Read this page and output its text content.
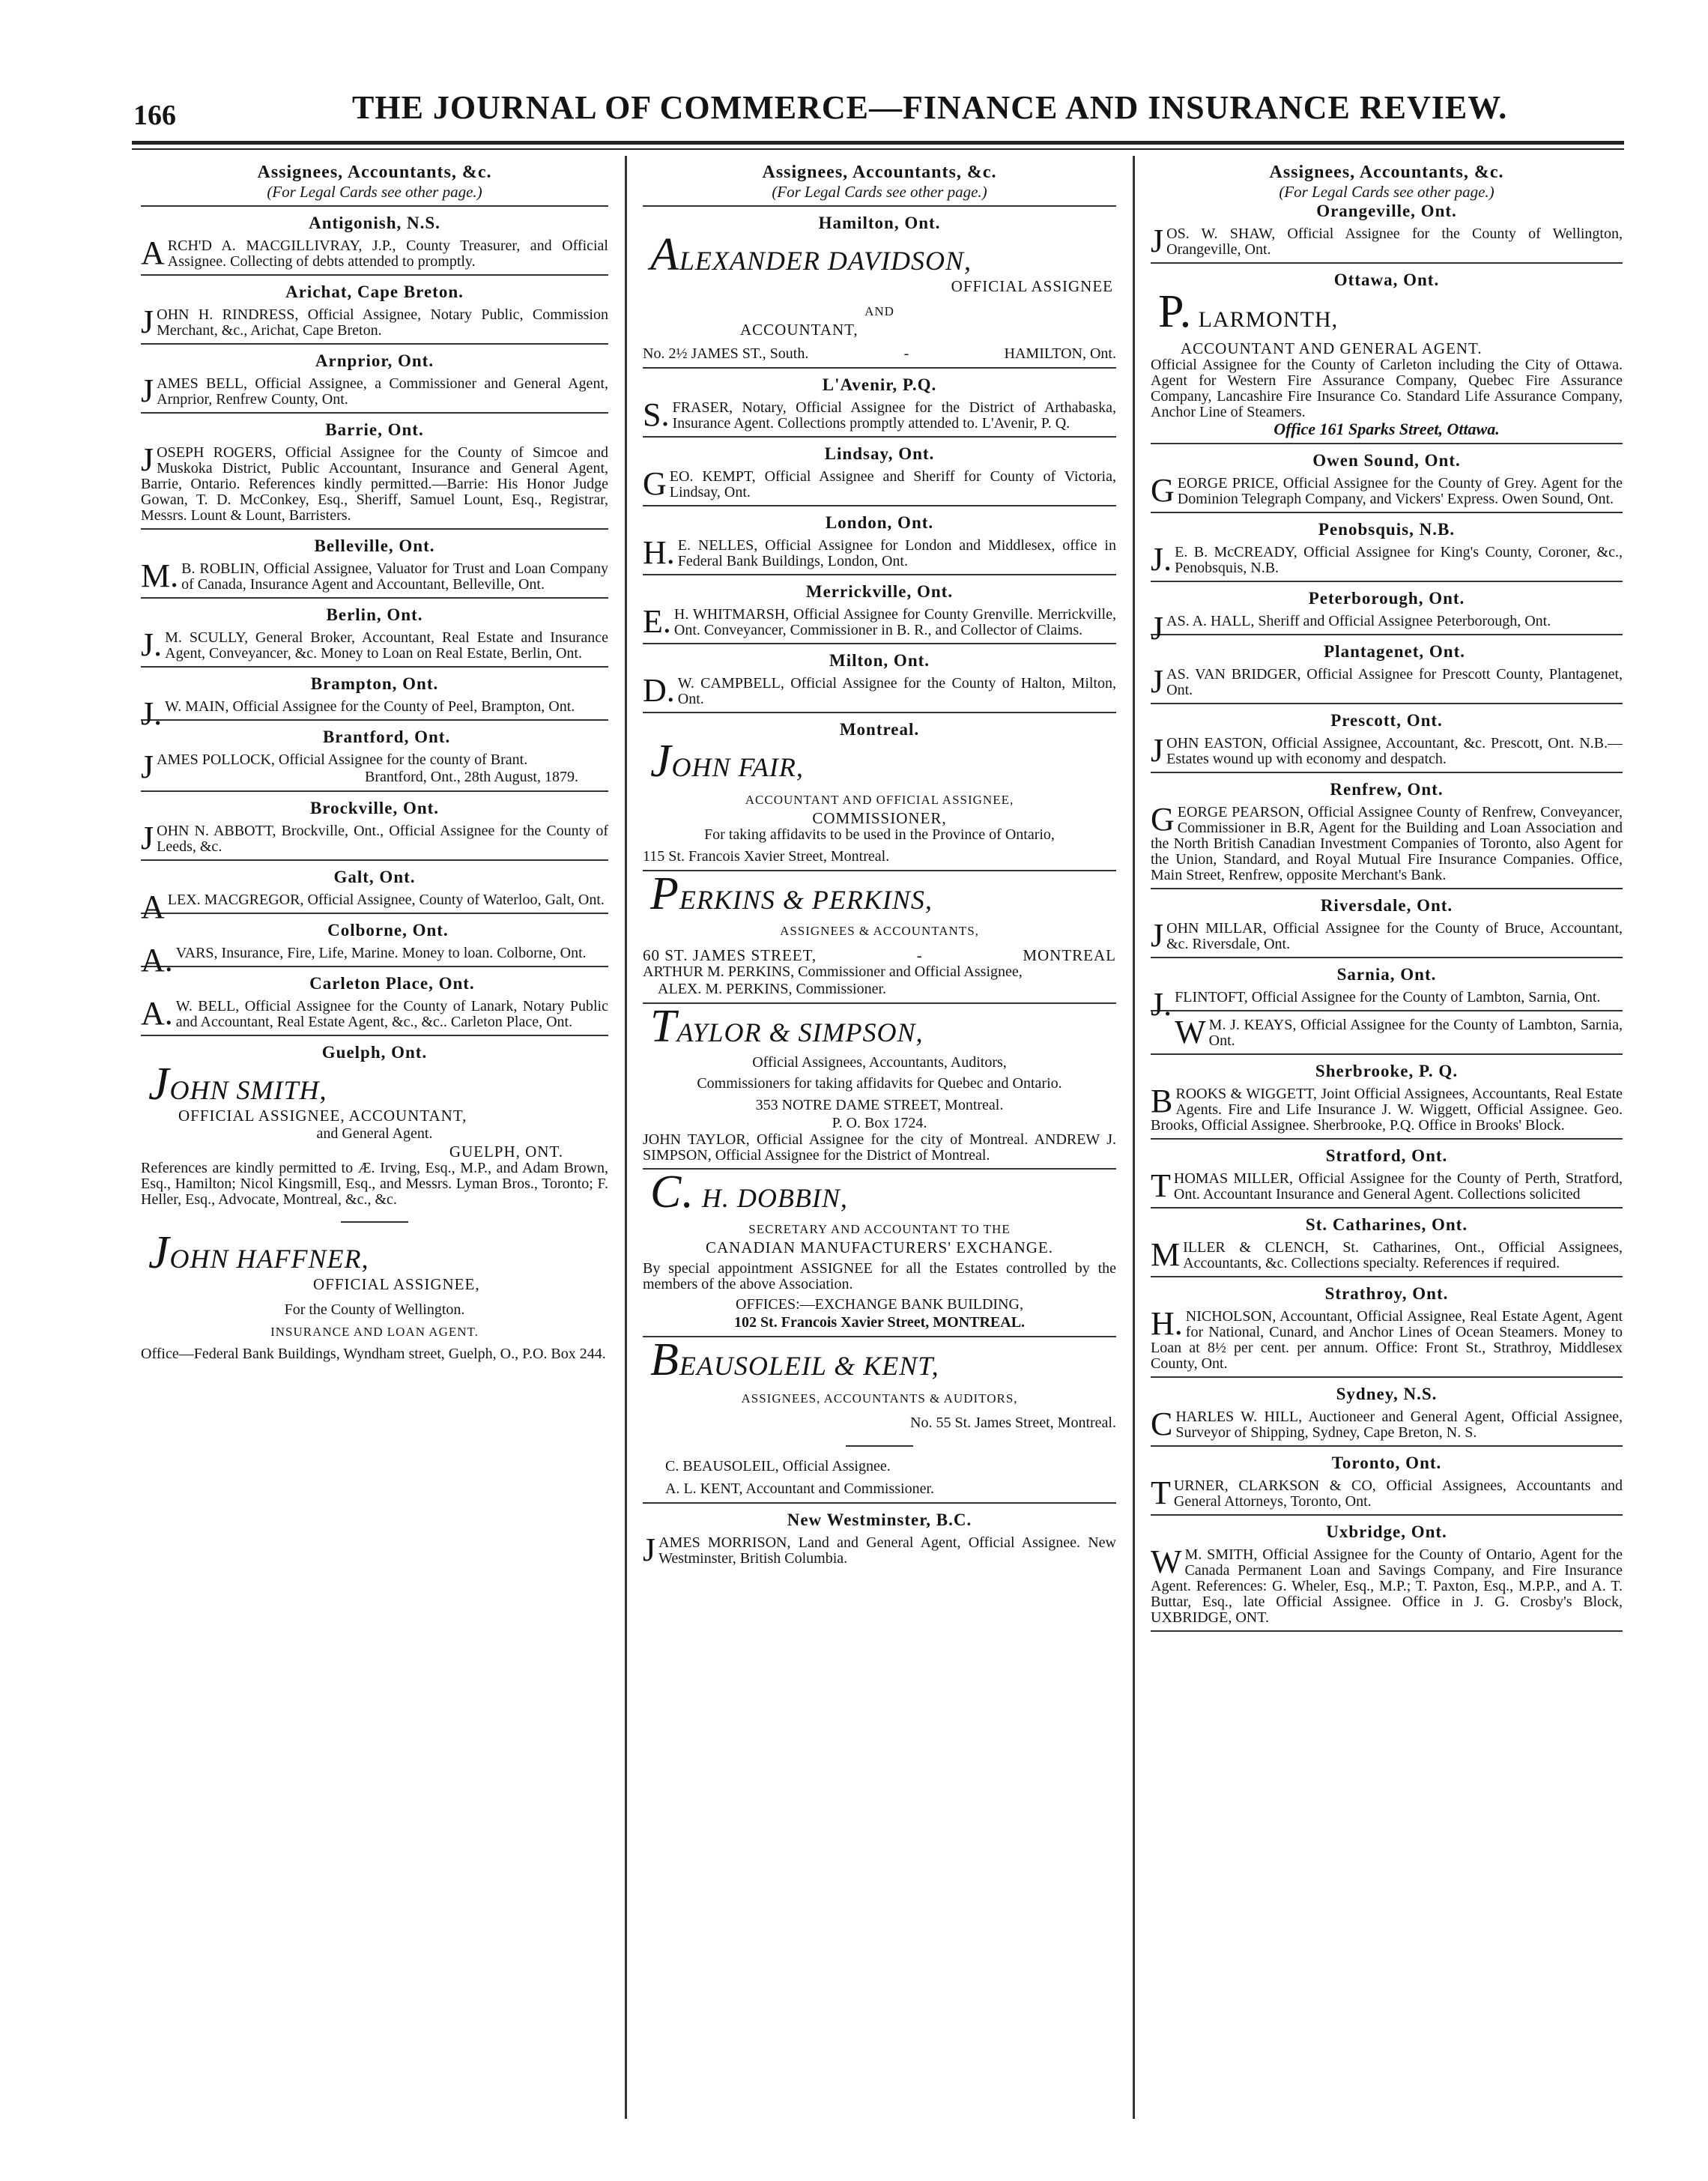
166	THE JOURNAL OF COMMERCE—FINANCE AND INSURANCE REVIEW.
Assignees, Accountants, &c.
(For Legal Cards see other page.)
Antigonish, N.S.
ARCH'D A. MACGILLIVRAY, J.P., County Treasurer, and Official Assignee. Collecting of debts attended to promptly.
Arichat, Cape Breton.
JOHN H. RINDRESS, Official Assignee, Notary Public, Commission Merchant, &c., Arichat, Cape Breton.
Arnprior, Ont.
JAMES BELL, Official Assignee, a Commissioner and General Agent, Arnprior, Renfrew County, Ont.
Barrie, Ont.
JOSEPH ROGERS, Official Assignee for the County of Simcoe and Muskoka District, Public Accountant, Insurance and General Agent, Barrie, Ontario. References kindly permitted.—Barrie: His Honor Judge Gowan, T. D. McConkey, Esq., Sheriff, Samuel Lount, Esq., Registrar, Messrs. Lount & Lount, Barristers.
Belleville, Ont.
M.B. ROBLIN, Official Assignee, Valuator for Trust and Loan Company of Canada, Insurance Agent and Accountant, Belleville, Ont.
Berlin, Ont.
J.M. SCULLY, General Broker, Accountant, Real Estate and Insurance Agent, Conveyancer, &c. Money to Loan on Real Estate, Berlin, Ont.
Brampton, Ont.
J.W. MAIN, Official Assignee for the County of Peel, Brampton, Ont.
Brantford, Ont.
JAMES POLLOCK, Official Assignee for the county of Brant.
Brantford, Ont., 28th August, 1879.
Brockville, Ont.
JOHN N. ABBOTT, Brockville, Ont., Official Assignee for the County of Leeds, &c.
Galt, Ont.
ALEX. MACGREGOR, Official Assignee, County of Waterloo, Galt, Ont.
Colborne, Ont.
A.VARS, Insurance, Fire, Life, Marine. Money to loan. Colborne, Ont.
Carleton Place, Ont.
A.W. BELL, Official Assignee for the County of Lanark, Notary Public and Accountant, Real Estate Agent, &c., &c.. Carleton Place, Ont.
Guelph, Ont.
JOHN SMITH,
OFFICIAL ASSIGNEE, ACCOUNTANT,
and General Agent.
GUELPH, ONT.
References are kindly permitted to Æ. Irving, Esq., M.P., and Adam Brown, Esq., Hamilton; Nicol Kingsmill, Esq., and Messrs. Lyman Bros., Toronto; F. Heller, Esq., Advocate, Montreal, &c., &c.
JOHN HAFFNER,
OFFICIAL ASSIGNEE,
For the County of Wellington.
INSURANCE AND LOAN AGENT.
Office—Federal Bank Buildings, Wyndham street, Guelph, O., P.O. Box 244.
Assignees, Accountants, &c.
(For Legal Cards see other page.)
Hamilton, Ont.
ALEXANDER DAVIDSON,
OFFICIAL ASSIGNEE
AND
ACCOUNTANT,
No. 2½ JAMES ST., South.	-	HAMILTON, Ont.
L'Avenir, P.Q.
S.FRASER, Notary, Official Assignee for the District of Arthabaska, Insurance Agent. Collections promptly attended to. L'Avenir, P. Q.
Lindsay, Ont.
GEO. KEMPT, Official Assignee and Sheriff for County of Victoria, Lindsay, Ont.
London, Ont.
H.E. NELLES, Official Assignee for London and Middlesex, office in Federal Bank Buildings, London, Ont.
Merrickville, Ont.
E.H. WHITMARSH, Official Assignee for County Grenville. Merrickville, Ont. Conveyancer, Commissioner in B. R., and Collector of Claims.
Milton, Ont.
D.W. CAMPBELL, Official Assignee for the County of Halton, Milton, Ont.
Montreal.
JOHN FAIR,
ACCOUNTANT AND OFFICIAL ASSIGNEE,
COMMISSIONER,
For taking affidavits to be used in the Province of Ontario,
115 St. Francois Xavier Street, Montreal.
PERKINS & PERKINS,
ASSIGNEES & ACCOUNTANTS,
60 ST. JAMES STREET,	-	MONTREAL
ARTHUR M. PERKINS, Commissioner and Official Assignee,
ALEX. M. PERKINS, Commissioner.
TAYLOR & SIMPSON,
Official Assignees, Accountants, Auditors,
Commissioners for taking affidavits for Quebec and Ontario.
353 NOTRE DAME STREET, Montreal.
P. O. Box 1724.
JOHN TAYLOR, Official Assignee for the city of Montreal. ANDREW J. SIMPSON, Official Assignee for the District of Montreal.
C. H. DOBBIN,
SECRETARY AND ACCOUNTANT TO THE
CANADIAN MANUFACTURERS' EXCHANGE.
By special appointment ASSIGNEE for all the Estates controlled by the members of the above Association.
OFFICES:—EXCHANGE BANK BUILDING,
102 St. Francois Xavier Street, MONTREAL.
BEAUSOLEIL & KENT,
ASSIGNEES, ACCOUNTANTS & AUDITORS,
No. 55 St. James Street, Montreal.
C. BEAUSOLEIL, Official Assignee.
A. L. KENT, Accountant and Commissioner.
New Westminster, B.C.
JAMES MORRISON, Land and General Agent, Official Assignee. New Westminster, British Columbia.
Assignees, Accountants, &c.
(For Legal Cards see other page.)
Orangeville, Ont.
JOS. W. SHAW, Official Assignee for the County of Wellington, Orangeville, Ont.
Ottawa, Ont.
P. LARMONTH,
ACCOUNTANT AND GENERAL AGENT.
Official Assignee for the County of Carleton including the City of Ottawa. Agent for Western Fire Assurance Company, Quebec Fire Assurance Company, Lancashire Fire Insurance Co. Standard Life Assurance Company, Anchor Line of Steamers.
Office 161 Sparks Street, Ottawa.
Owen Sound, Ont.
GEORGE PRICE, Official Assignee for the County of Grey. Agent for the Dominion Telegraph Company, and Vickers' Express. Owen Sound, Ont.
Penobsquis, N.B.
J.E. B. McCREADY, Official Assignee for King's County, Coroner, &c., Penobsquis, N.B.
Peterborough, Ont.
JAS. A. HALL, Sheriff and Official Assignee Peterborough, Ont.
Plantagenet, Ont.
JAS. VAN BRIDGER, Official Assignee for Prescott County, Plantagenet, Ont.
Prescott, Ont.
JOHN EASTON, Official Assignee, Accountant, &c. Prescott, Ont. N.B.—Estates wound up with economy and despatch.
Renfrew, Ont.
GEORGE PEARSON, Official Assignee County of Renfrew, Conveyancer, Commissioner in B.R, Agent for the Building and Loan Association and the North British Canadian Investment Companies of Toronto, also Agent for the Union, Standard, and Royal Mutual Fire Insurance Companies. Office, Main Street, Renfrew, opposite Merchant's Bank.
Riversdale, Ont.
JOHN MILLAR, Official Assignee for the County of Bruce, Accountant, &c. Riversdale, Ont.
Sarnia, Ont.
J.FLINTOFT, Official Assignee for the County of Lambton, Sarnia, Ont.
WM. J. KEAYS, Official Assignee for the County of Lambton, Sarnia, Ont.
Sherbrooke, P. Q.
BROOKS & WIGGETT, Joint Official Assignees, Accountants, Real Estate Agents. Fire and Life Insurance J. W. Wiggett, Official Assignee. Geo. Brooks, Official Assignee. Sherbrooke, P.Q. Office in Brooks' Block.
Stratford, Ont.
THOMAS MILLER, Official Assignee for the County of Perth, Stratford, Ont. Accountant Insurance and General Agent. Collections solicited
St. Catharines, Ont.
MILLER & CLENCH, St. Catharines, Ont., Official Assignees, Accountants, &c. Collections specialty. References if required.
Strathroy, Ont.
H.NICHOLSON, Accountant, Official Assignee, Real Estate Agent, Agent for National, Cunard, and Anchor Lines of Ocean Steamers. Money to Loan at 8½ per cent. per annum. Office: Front St., Strathroy, Middlesex County, Ont.
Sydney, N.S.
CHARLES W. HILL, Auctioneer and General Agent, Official Assignee, Surveyor of Shipping, Sydney, Cape Breton, N. S.
Toronto, Ont.
TURNER, CLARKSON & CO, Official Assignees, Accountants and General Attorneys, Toronto, Ont.
Uxbridge, Ont.
WM. SMITH, Official Assignee for the County of Ontario, Agent for the Canada Permanent Loan and Savings Company, and Fire Insurance Agent. References: G. Wheler, Esq., M.P.; T. Paxton, Esq., M.P.P., and A. T. Buttar, Esq., late Official Assignee. Office in J. G. Crosby's Block, UXBRIDGE, ONT.
